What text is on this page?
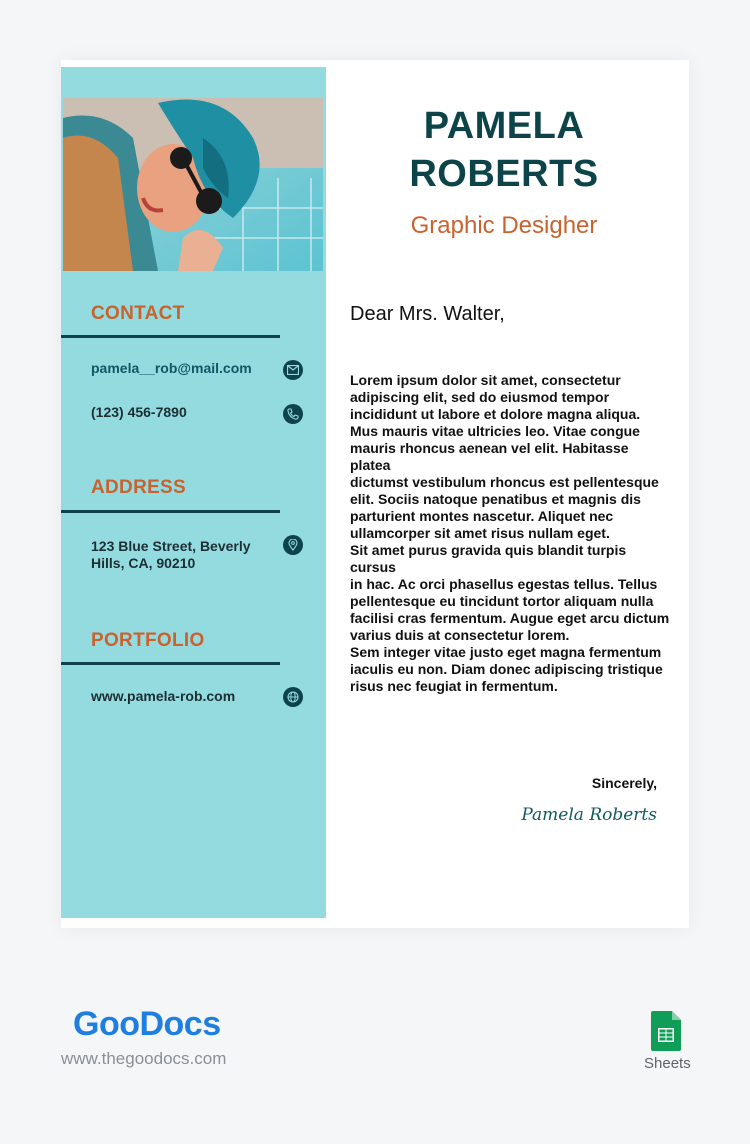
CONTACT
pamela__rob@mail.com
(123) 456-7890
ADDRESS
123 Blue Street, Beverly
Hills, CA, 90210
PORTFOLIO
www.pamela-rob.com
PAMELA
ROBERTS
Graphic Desigher
Dear Mrs. Walter,
Lorem ipsum dolor sit amet, consectetur
adipiscing elit, sed do eiusmod tempor
incididunt ut labore et dolore magna aliqua.
Mus mauris vitae ultricies leo. Vitae congue
mauris rhoncus aenean vel elit. Habitasse platea
dictumst vestibulum rhoncus est pellentesque
elit. Sociis natoque penatibus et magnis dis
parturient montes nascetur. Aliquet nec
ullamcorper sit amet risus nullam eget.
Sit amet purus gravida quis blandit turpis cursus
in hac. Ac orci phasellus egestas tellus. Tellus
pellentesque eu tincidunt tortor aliquam nulla
facilisi cras fermentum. Augue eget arcu dictum
varius duis at consectetur lorem.
Sem integer vitae justo eget magna fermentum
iaculis eu non. Diam donec adipiscing tristique
risus nec feugiat in fermentum.
Sincerely,
Pamela Roberts
GooDocs
www.thegoodocs.com	Sheets
